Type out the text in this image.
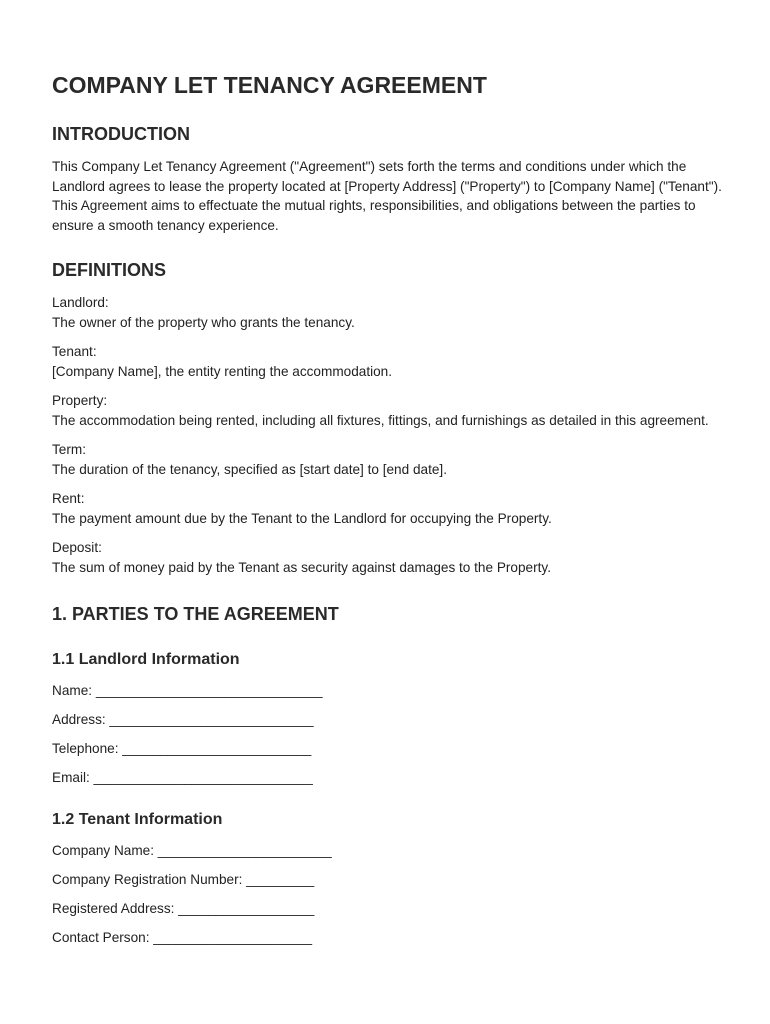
COMPANY LET TENANCY AGREEMENT
INTRODUCTION

This Company Let Tenancy Agreement ("Agreement") sets forth the terms and conditions under which the Landlord agrees to lease the property located at [Property Address] ("Property") to [Company Name] ("Tenant"). This Agreement aims to effectuate the mutual rights, responsibilities, and obligations between the parties to ensure a smooth tenancy experience.

DEFINITIONS
Landlord:
The owner of the property who grants the tenancy.
Tenant:
[Company Name], the entity renting the accommodation.
Property:
The accommodation being rented, including all fixtures, fittings, and furnishings as detailed in this agreement.
Term:
The duration of the tenancy, specified as [start date] to [end date].
Rent:
The payment amount due by the Tenant to the Landlord for occupying the Property.
Deposit:
The sum of money paid by the Tenant as security against damages to the Property.
1. PARTIES TO THE AGREEMENT
1.1 Landlord Information
Name: ______________________________
Address: ___________________________
Telephone: _________________________
Email: _____________________________
1.2 Tenant Information
Company Name: _______________________
Company Registration Number: _________
Registered Address: __________________
Contact Person: _____________________
